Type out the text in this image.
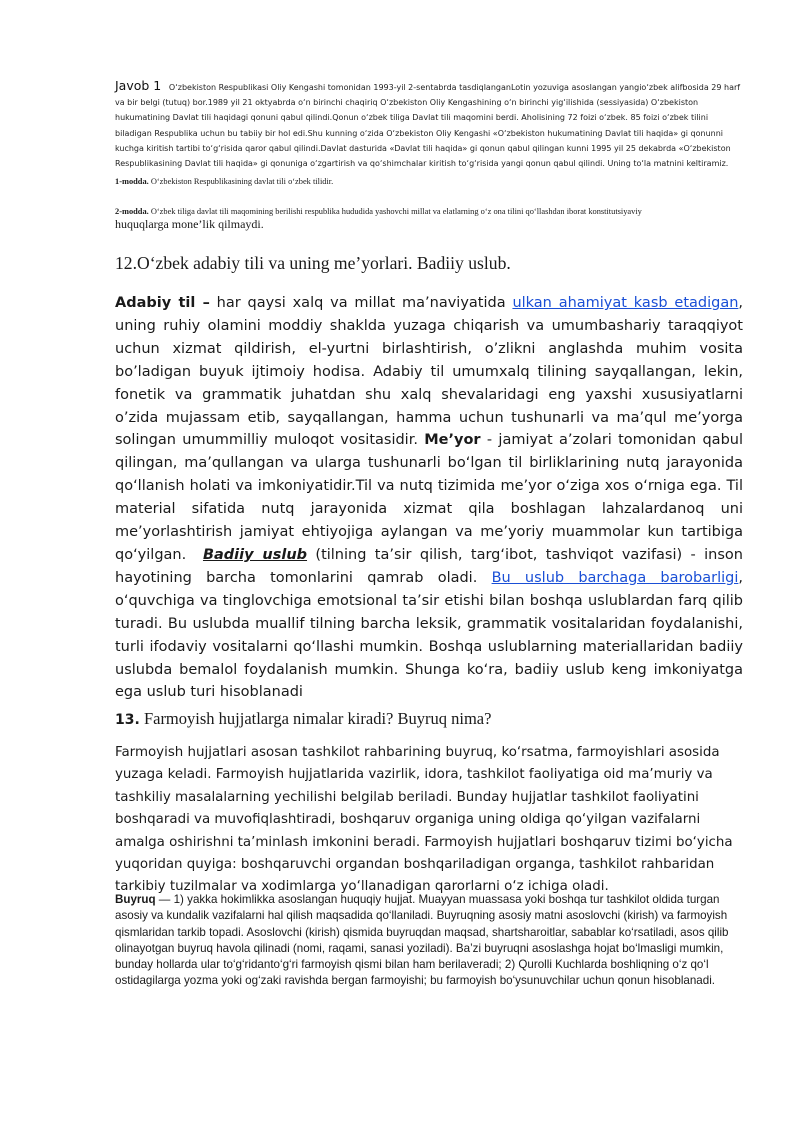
Javob 1 O‘zbekiston Respublikasi Oliy Kengashi tomonidan 1993-yil 2-sentabrda tasdiqlanganLotin yozuviga asoslangan yangio‘zbek alifbosida 29 harf va bir belgi (tutuq) bor.1989 yil 21 oktyabrda o‘n birinchi chaqiriq O‘zbekiston Oliy Kengashining o‘n birinchi yig‘ilishida (sessiyasida) O‘zbekiston hukumatining Davlat tili haqidagi qonuni qabul qilindi.Qonun o‘zbek tiliga Davlat tili maqomini berdi. Aholisining 72 foizi o‘zbek. 85 foizi o‘zbek tilini biladigan Respublika uchun bu tabiiy bir hol edi.Shu kunning o‘zida O‘zbekiston Oliy Kengashi «O‘zbekiston hukumatining Davlat tili haqida» gi qonunni kuchga kiritish tartibi to‘g‘risida qaror qabul qilindi.Davlat dasturida «Davlat tili haqida» gi qonun qabul qilingan kunni 1995 yil 25 dekabrda «O‘zbekiston Respublikasining Davlat tili haqida» gi qonuniga o‘zgartirish va qo‘shimchalar kiritish to‘g‘risida yangi qonun qabul qilindi. Uning to‘la matnini keltiramiz.
1-modda. O‘zbekiston Respublikasining davlat tili o‘zbek tilidir.
2-modda. O‘zbek tiliga davlat tili maqomining berilishi respublika hududida yashovchi millat va elatlarning o‘z ona tilini qo‘llashdan iborat konstitutsiyaviy
huquqlarga mone’lik qilmaydi.
12.O‘zbek adabiy tili va uning me’yorlari. Badiiy uslub.
Adabiy til – har qaysi xalq va millat ma’naviyatida ulkan ahamiyat kasb etadigan, uning ruhiy olamini moddiy shaklda yuzaga chiqarish va umumbashariy taraqqiyot uchun xizmat qildirish, el-yurtni birlashtirish, o’zlikni anglashda muhim vosita bo’ladigan buyuk ijtimoiy hodisa. Adabiy til umumxalq tilining sayqallangan, lekin, fonetik va grammatik juhatdan shu xalq shevalaridagi eng yaxshi xususiyatlarni o’zida mujassam etib, sayqallangan, hamma uchun tushunarli va ma’qul me’yorga solingan umummilliy muloqot vositasidir. Me’yor - jamiyat a’zolari tomonidan qabul qilingan, ma’qullangan va ularga tushunarli bo‘lgan til birliklarining nutq jarayonida qo‘llanish holati va imkoniyatidir.Til va nutq tizimida me’yor o‘ziga xos o‘rniga ega. Til material sifatida nutq jarayonida xizmat qila boshlagan lahzalardanoq uni me’yorlashtirish jamiyat ehtiyojiga aylangan va me’yoriy muammolar kun tartibiga qo‘yilgan.  Badiiy uslub (tilning ta’sir qilish, targ‘ibot, tashviqot vazifasi) - inson hayotining barcha tomonlarini qamrab oladi. Bu uslub barchaga barobarligi, o‘quvchiga va tinglovchiga emotsional ta’sir etishi bilan boshqa uslublardan farq qilib turadi. Bu uslubda muallif tilning barcha leksik, grammatik vositalaridan foydalanishi, turli ifodaviy vositalarni qo‘llashi mumkin. Boshqa uslublarning materiallaridan badiiy uslubda bemalol foydalanish mumkin. Shunga ko‘ra, badiiy uslub keng imkoniyatga ega uslub turi hisoblanadi
13. Farmoyish hujjatlarga nimalar kiradi? Buyruq nima?
Farmoyish hujjatlari asosan tashkilot rahbarining buyruq, ko‘rsatma, farmoyishlari asosida yuzaga keladi. Farmoyish hujjatlarida vazirlik, idora, tashkilot faoliyatiga oid ma’muriy va tashkiliy masalalarning yechilishi belgilab beriladi. Bunday hujjatlar tashkilot faoliyatini boshqaradi va muvofiqlashtiradi, boshqaruv organiga uning oldiga qo‘yilgan vazifalarni amalga oshirishni ta’minlash imkonini beradi. Farmoyish hujjatlari boshqaruv tizimi bo‘yicha yuqoridan quyiga: boshqaruvchi organdan boshqariladigan organga, tashkilot rahbaridan tarkibiy tuzilmalar va xodimlarga yo‘llanadigan qarorlarni o‘z ichiga oladi.
Buyruq — 1) yakka hokimlikka asoslangan huquqiy hujjat. Muayyan muassasa yoki boshqa tur tashkilot oldida turgan asosiy va kundalik vazifalarni hal qilish maqsadida qo‘llaniladi. Buyruqning asosiy matni asoslovchi (kirish) va farmoyish qismlaridan tarkib topadi. Asoslovchi (kirish) qismida buyruqdan maqsad, shartsharoitlar, sabablar ko‘rsatiladi, asos qilib olinayotgan buyruq havola qilinadi (nomi, raqami, sanasi yoziladi). Ba’zi buyruqni asoslashga hojat bo‘lmasligi mumkin, bunday hollarda ular to‘g‘ridanto‘g‘ri farmoyish qismi bilan ham berilaveradi; 2) Qurolli Kuchlarda boshliqning o‘z qo‘l ostidagilarga yozma yoki og‘zaki ravishda bergan farmoyishi; bu farmoyish bo‘ysunuvchilar uchun qonun hisoblanadi.
